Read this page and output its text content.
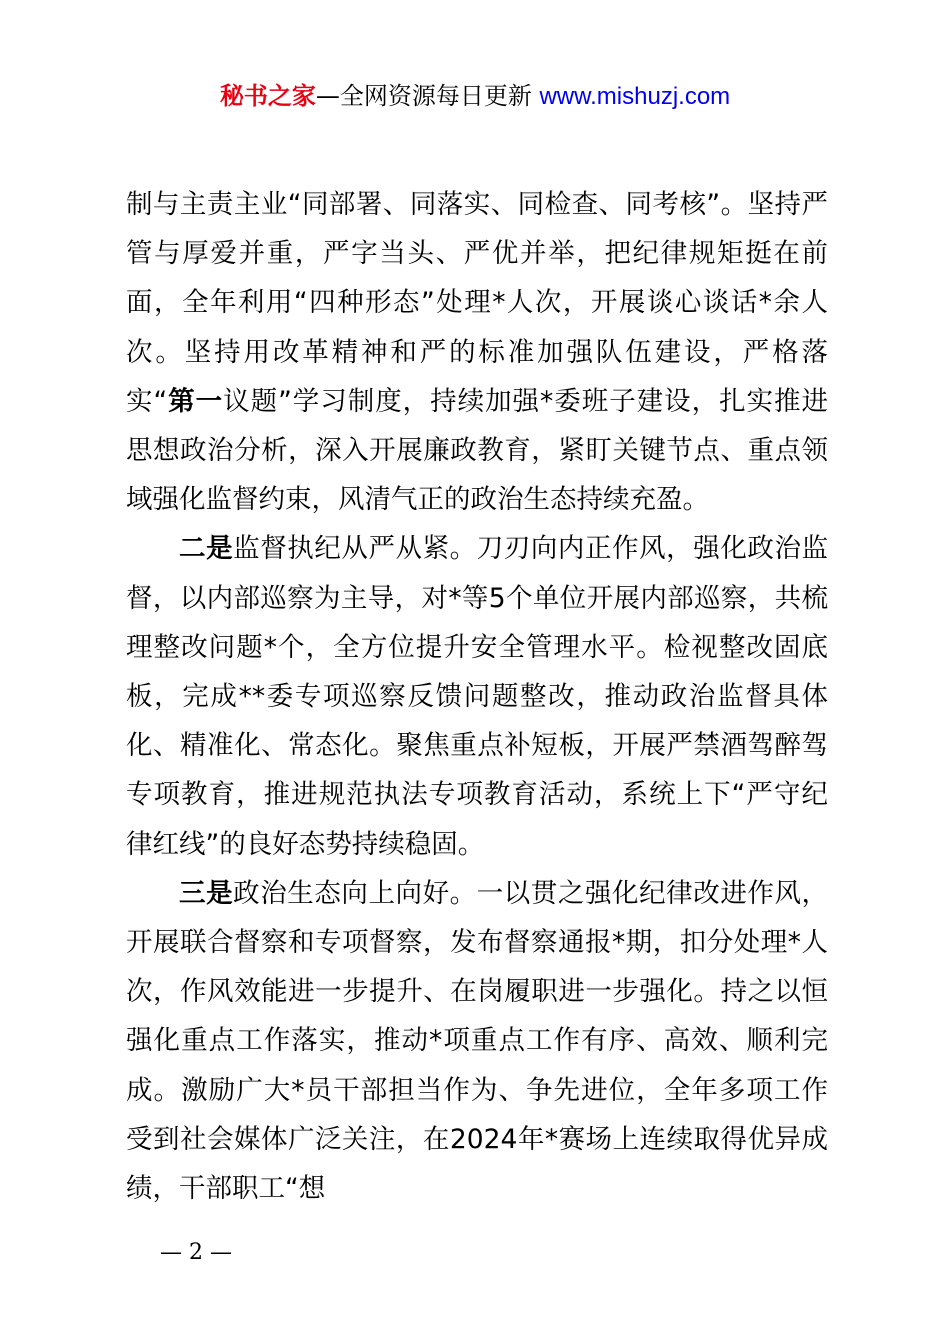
秘书之家—全网资源每日更新 www.mishuzj.com

制与主责主业“同部署、同落实、同检查、同考核”。坚持严管与厚爱并重，严字当头、严优并举，把纪律规矩挺在前面，全年利用“四种形态”处理*人次，开展谈心谈话*余人次。坚持用改革精神和严的标准加强队伍建设，严格落实“第一议题”学习制度，持续加强*委班子建设，扎实推进思想政治分析，深入开展廉政教育，紧盯关键节点、重点领域强化监督约束，风清气正的政治生态持续充盈。

二是监督执纪从严从紧。刀刃向内正作风，强化政治监督，以内部巡察为主导，对*等5个单位开展内部巡察，共梳理整改问题*个，全方位提升安全管理水平。检视整改固底板，完成**委专项巡察反馈问题整改，推动政治监督具体化、精准化、常态化。聚焦重点补短板，开展严禁酒驾醉驾专项教育，推进规范执法专项教育活动，系统上下“严守纪律红线”的良好态势持续稳固。

三是政治生态向上向好。一以贯之强化纪律改进作风，开展联合督察和专项督察，发布督察通报*期，扣分处理*人次，作风效能进一步提升、在岗履职进一步强化。持之以恒强化重点工作落实，推动*项重点工作有序、高效、顺利完成。激励广大*员干部担当作为、争先进位，全年多项工作受到社会媒体广泛关注，在2024年*赛场上连续取得优异成绩，干部职工“想

— 2 —
